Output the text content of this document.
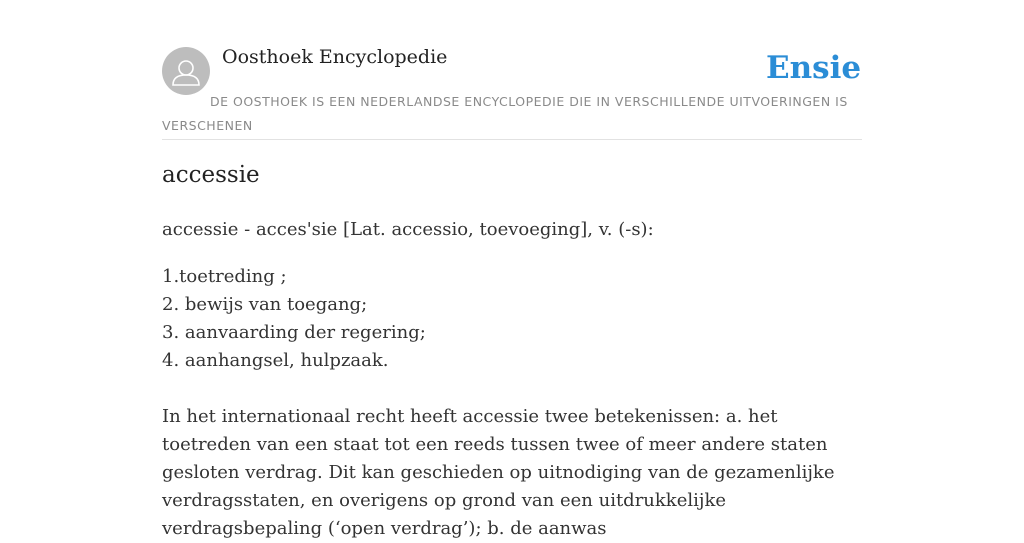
Oosthoek Encyclopedie	Ensie
DE OOSTHOEK IS EEN NEDERLANDSE ENCYCLOPEDIE DIE IN VERSCHILLENDE UITVOERINGEN IS VERSCHENEN
accessie
accessie - acces'sie [Lat. accessio, toevoeging], v. (-s):
1.toetreding ;
2. bewijs van toegang;
3. aanvaarding der regering;
4. aanhangsel, hulpzaak.

In het internationaal recht heeft accessie twee betekenissen: a. het toetreden van een staat tot een reeds tussen twee of meer andere staten gesloten verdrag. Dit kan geschieden op uitnodiging van de gezamenlijke verdragsstaten, en overigens op grond van een uitdrukkelijke verdragsbepaling (‘open verdrag’); b. de aanwas
